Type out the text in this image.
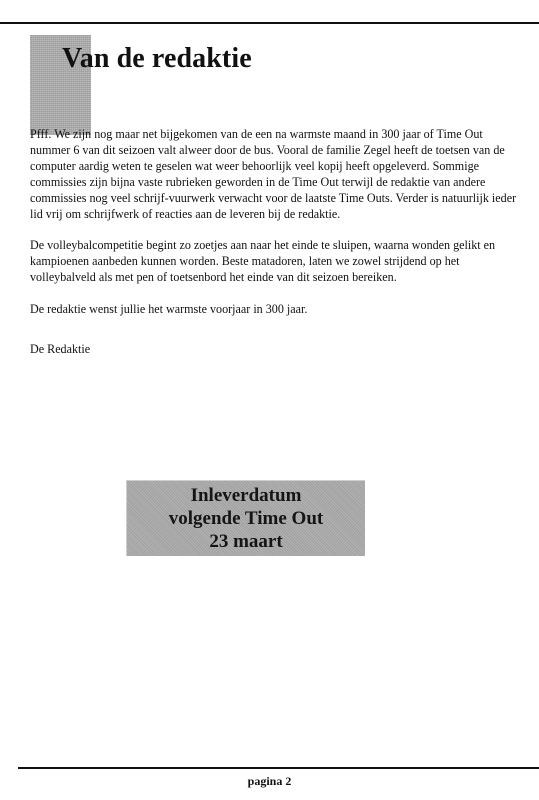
Van de redaktie

Pfff. We zijn nog maar net bijgekomen van de een na warmste maand in 300 jaar of Time Out nummer 6 van dit seizoen valt alweer door de bus. Vooral de familie Zegel heeft de toetsen van de computer aardig weten te geselen wat weer behoorlijk veel kopij heeft opgeleverd. Sommige commissies zijn bijna vaste rubrieken geworden in de Time Out terwijl de redaktie van andere commissies nog veel schrijf-vuurwerk verwacht voor de laatste Time Outs. Verder is natuurlijk ieder lid vrij om schrijfwerk of reacties aan de leveren bij de redaktie.

De volleybalcompetitie begint zo zoetjes aan naar het einde te sluipen, waarna wonden gelikt en kampioenen aanbeden kunnen worden. Beste matadoren, laten we zowel strijdend op het volleybalveld als met pen of toetsenbord het einde van dit seizoen bereiken.

De redaktie wenst jullie het warmste voorjaar in 300 jaar.

De Redaktie

Inleverdatum
volgende Time Out
23 maart
pagina 2
